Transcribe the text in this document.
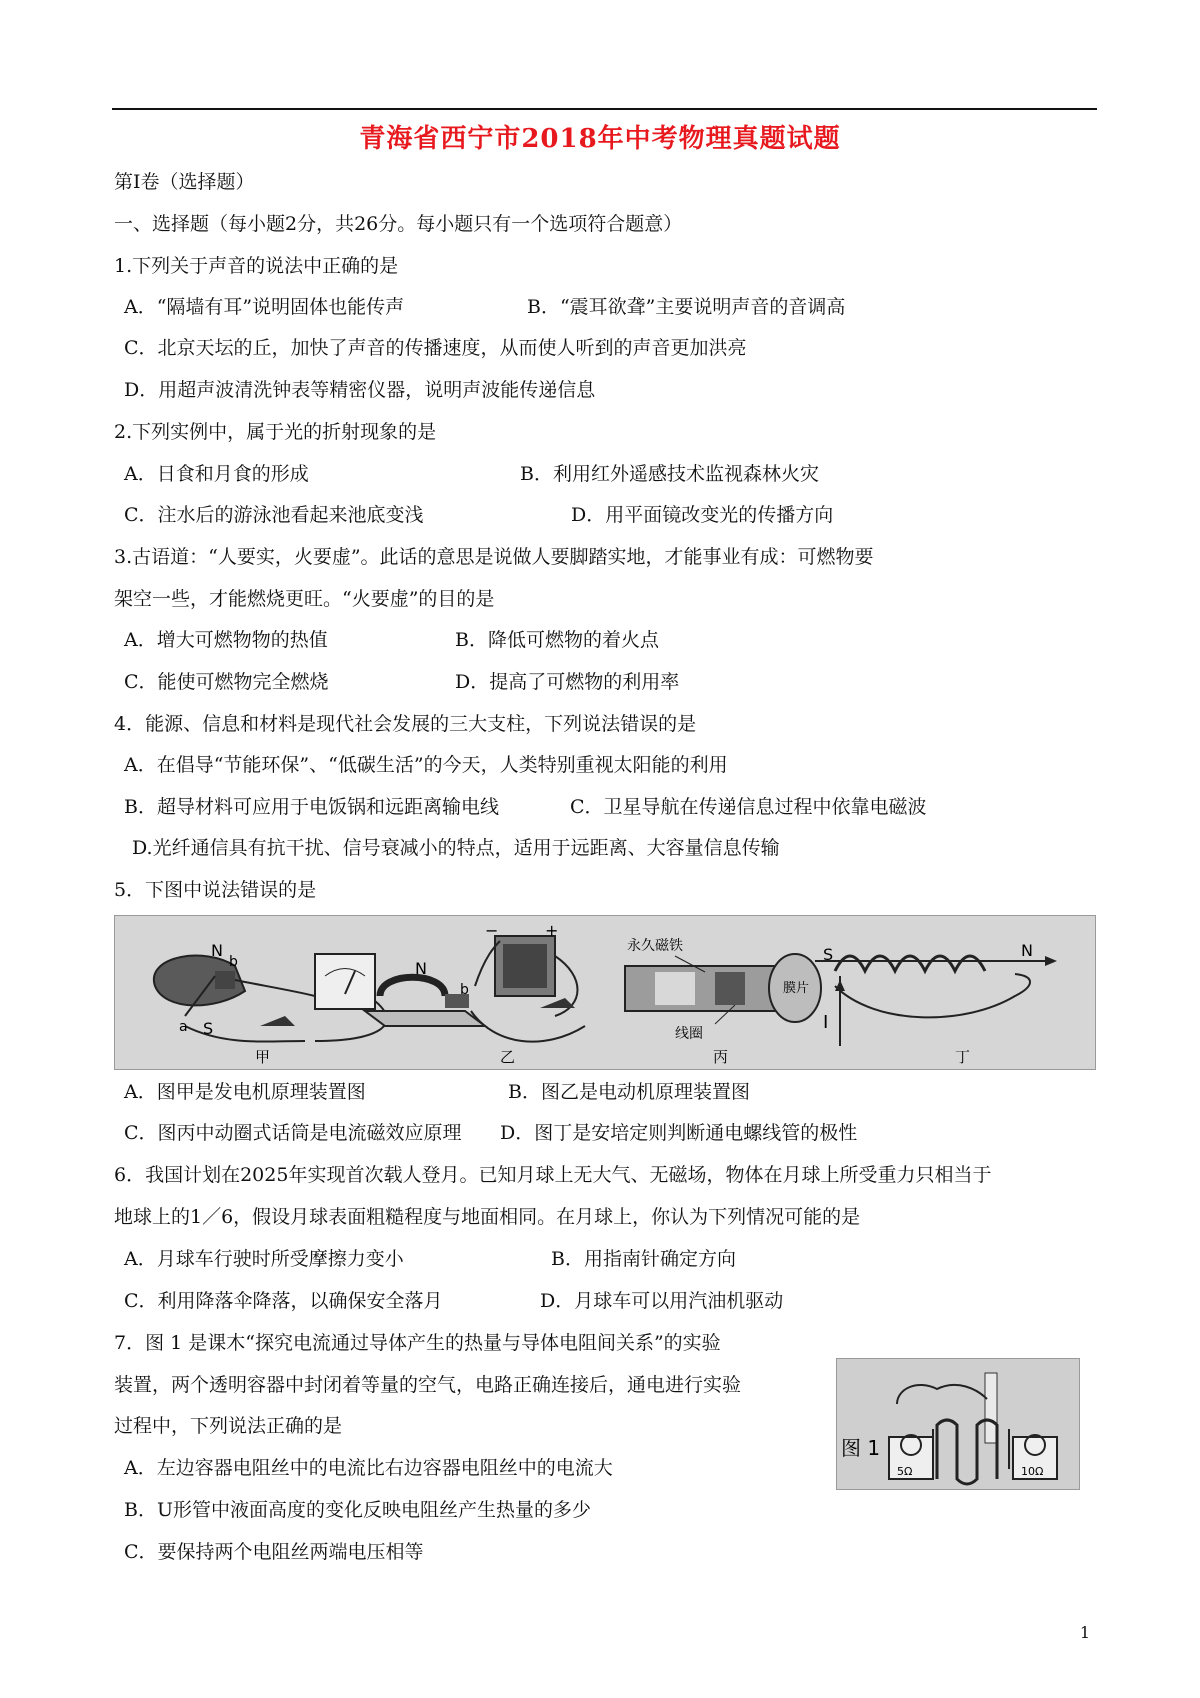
青海省西宁市2018年中考物理真题试题
第Ⅰ卷（选择题）
一、选择题（每小题2分，共26分。每小题只有一个选项符合题意）
1.下列关于声音的说法中正确的是
A．“隔墙有耳”说明固体也能传声	B．“震耳欲聋”主要说明声音的音调高
C．北京天坛的丘，加快了声音的传播速度，从而使人听到的声音更加洪亮
D．用超声波清洗钟表等精密仪器，说明声波能传递信息
2.下列实例中，属于光的折射现象的是
A．日食和月食的形成	B．利用红外遥感技术监视森林火灾
C．注水后的游泳池看起来池底变浅	D．用平面镜改变光的传播方向
3.古语道：“人要实，火要虚”。此话的意思是说做人要脚踏实地，才能事业有成：可燃物要
架空一些，才能燃烧更旺。“火要虚”的目的是
A．增大可燃物物的热值	B．降低可燃物的着火点
C．能使可燃物完全燃烧	D．提高了可燃物的利用率
4．能源、信息和材料是现代社会发展的三大支柱，下列说法错误的是
A．在倡导“节能环保”、“低碳生活”的今天，人类特别重视太阳能的利用
B．超导材料可应用于电饭锅和远距离输电线	C．卫星导航在传递信息过程中依靠电磁波
D.光纤通信具有抗干扰、信号衰减小的特点，适用于远距离、大容量信息传输
5．下图中说法错误的是
N
b
a S
甲
N
b
−	+
乙
永久磁铁
线圈
膜片
丙
S	N
I
丁
A．图甲是发电机原理装置图	B．图乙是电动机原理装置图
C．图丙中动圈式话筒是电流磁效应原理 D．图丁是安培定则判断通电螺线管的极性
6．我国计划在2025年实现首次载人登月。已知月球上无大气、无磁场，物体在月球上所受重力只相当于
地球上的1／6，假设月球表面粗糙程度与地面相同。在月球上，你认为下列情况可能的是
A．月球车行驶时所受摩擦力变小	B．用指南针确定方向
C．利用降落伞降落，以确保安全落月	D．月球车可以用汽油机驱动
7．图 1 是课木“探究电流通过导体产生的热量与导体电阻间关系”的实验
装置，两个透明容器中封闭着等量的空气，电路正确连接后，通电进行实验
过程中，下列说法正确的是
A．左边容器电阻丝中的电流比右边容器电阻丝中的电流大
B．U形管中液面高度的变化反映电阻丝产生热量的多少
C．要保持两个电阻丝两端电压相等
图 1
5Ω	10Ω
1
